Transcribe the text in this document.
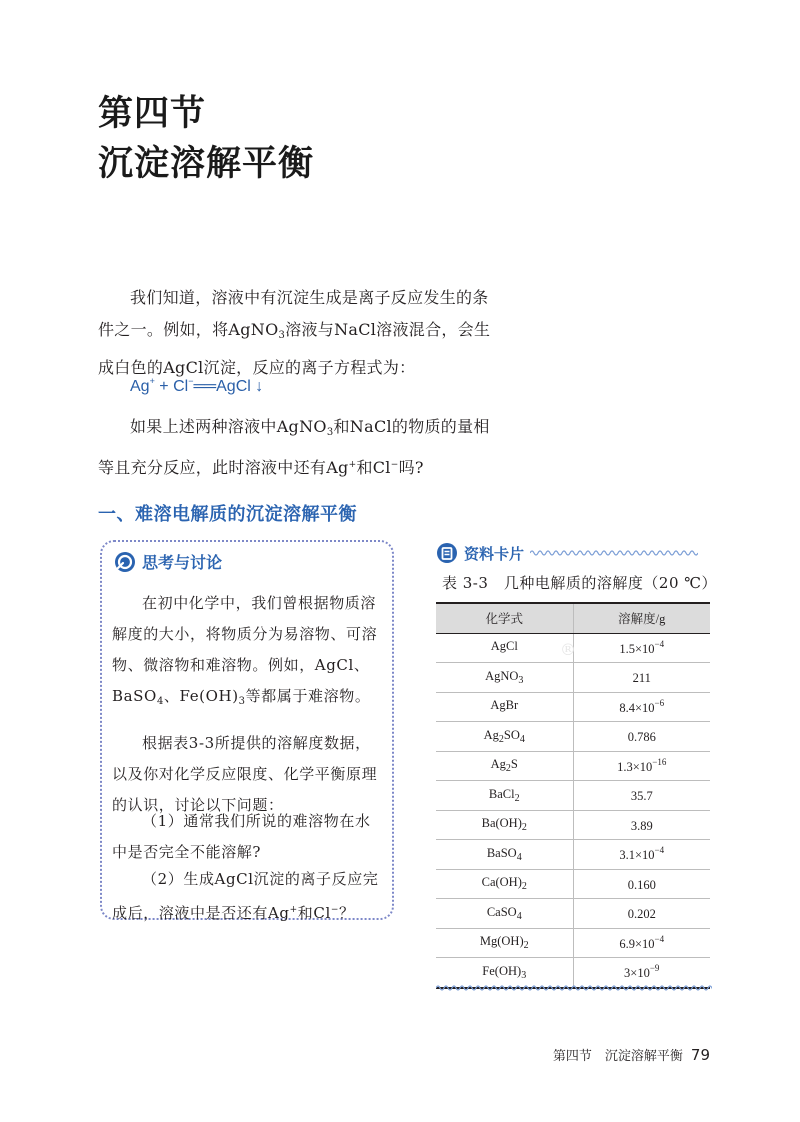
第四节
沉淀溶解平衡

我们知道，溶液中有沉淀生成是离子反应发生的条件之一。例如，将AgNO$_3$溶液与NaCl溶液混合，会生成白色的AgCl沉淀，反应的离子方程式为：

Ag+ + Cl−══AgCl ↓

如果上述两种溶液中AgNO$_3$和NaCl的物质的量相等且充分反应，此时溶液中还有Ag+和Cl−吗?

一、难溶电解质的沉淀溶解平衡
思考与讨论

在初中化学中，我们曾根据物质溶解度的大小，将物质分为易溶物、可溶物、微溶物和难溶物。例如，AgCl、BaSO$_4$、$Fe(OH)_3$等都属于难溶物。

根据表3-3所提供的溶解度数据，以及你对化学反应限度、化学平衡原理的认识，讨论以下问题：

（1）通常我们所说的难溶物在水中是否完全不能溶解?

（2）生成AgCl沉淀的离子反应完成后，溶液中是否还有Ag+和Cl−？

资料卡片
表 3-3　几种电解质的溶解度（20 ℃）
化学式	溶解度/g
AgCl	$1.5\times 10^{-4}$
AgNO$_3$	211
AgBr	$8.4\times 10^{-6}$
$Ag_2SO_4$	0.786
$Ag_2S$	$1.3\times 10^{-16}$
BaCl$_2$	35.7
$Ba(OH)_2$	3.89
BaSO$_4$	$3.1\times 10^{-4}$
$Ca(OH)_2$	0.160
CaSO$_4$	0.202
$Mg(OH)_2$	$6.9\times 10^{-4}$
$Fe(OH)_3$	$3\times 10^{-9}$
®
第四节　沉淀溶解平衡 79
